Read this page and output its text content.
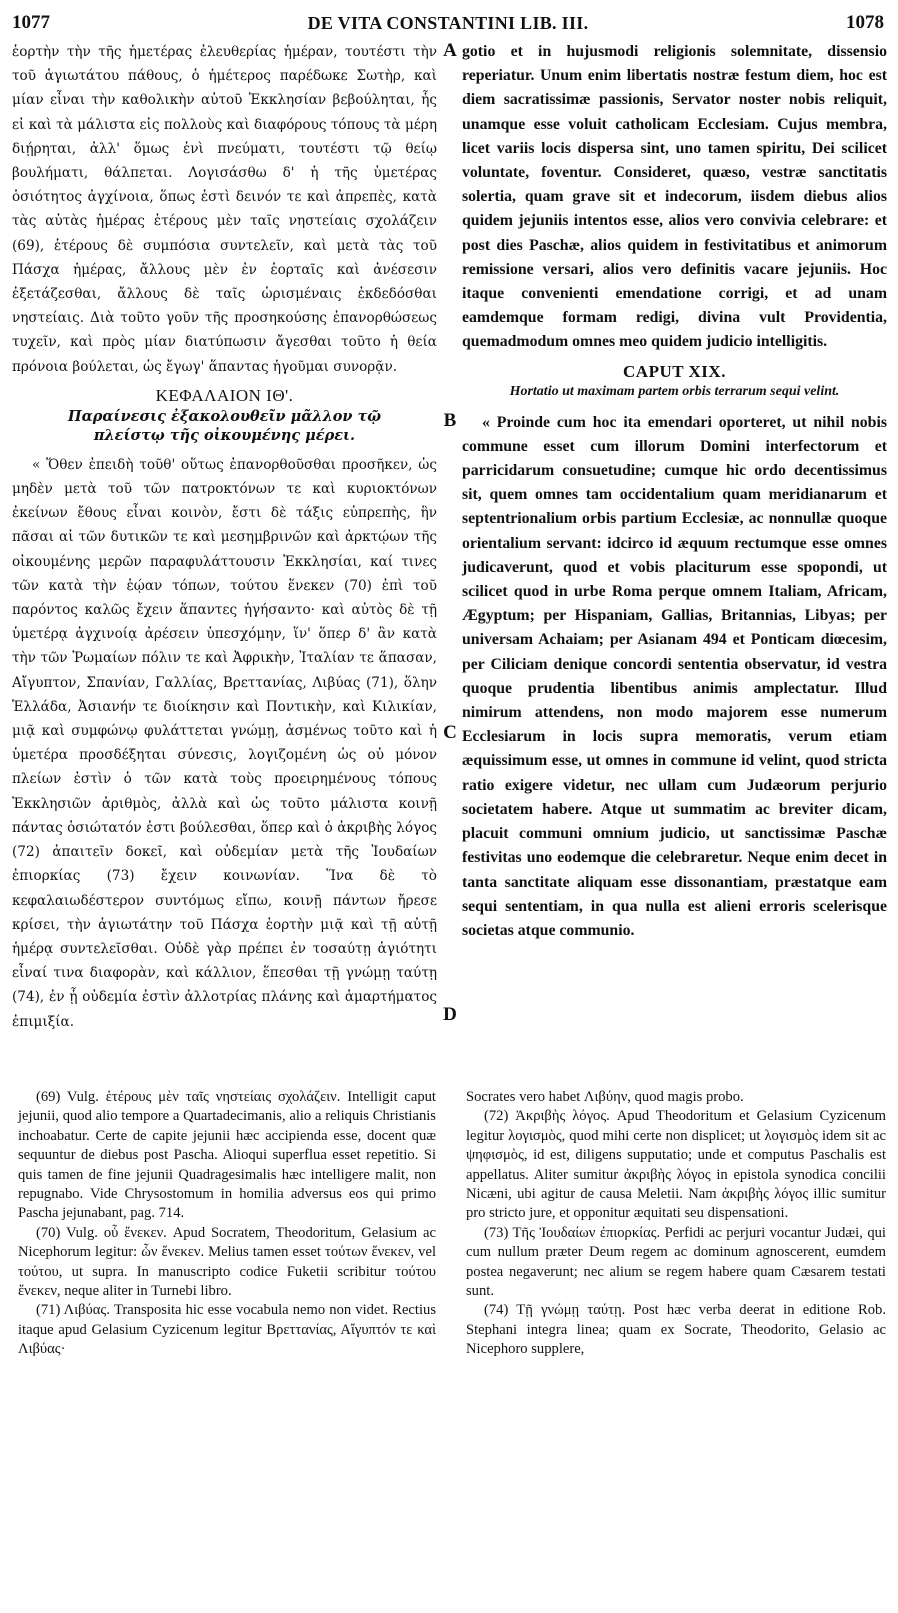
1077	DE VITA CONSTANTINI LIB. III.	1078

ἑορτὴν τὴν τῆς ἡμετέρας ἐλευθερίας ἡμέραν, τουτέστι τὴν τοῦ ἁγιωτάτου πάθους, ὁ ἡμέτερος παρέδωκε Σωτὴρ, καὶ μίαν εἶναι τὴν καθολικὴν αὐτοῦ Ἐκκλησίαν βεβούληται, ἧς εἰ καὶ τὰ μάλιστα εἰς πολλοὺς καὶ διαφόρους τόπους τὰ μέρη διῄρηται, ἀλλ' ὅμως ἑνὶ πνεύματι, τουτέστι τῷ θείῳ βουλήματι, θάλπεται. Λογισάσθω δ' ἡ τῆς ὑμετέρας ὁσιότητος ἀγχίνοια, ὅπως ἐστὶ δεινόν τε καὶ ἀπρεπὲς, κατὰ τὰς αὐτὰς ἡμέρας ἑτέρους μὲν ταῖς νηστείαις σχολάζειν (69), ἑτέρους δὲ συμπόσια συντελεῖν, καὶ μετὰ τὰς τοῦ Πάσχα ἡμέρας, ἄλλους μὲν ἐν ἑορταῖς καὶ ἀνέσεσιν ἐξετάζεσθαι, ἄλλους δὲ ταῖς ὡρισμέναις ἐκδεδόσθαι νηστείαις. Διὰ τοῦτο γοῦν τῆς προσηκούσης ἐπανορθώσεως τυχεῖν, καὶ πρὸς μίαν διατύπωσιν ἄγεσθαι τοῦτο ἡ θεία πρόνοια βούλεται, ὡς ἔγωγ' ἅπαντας ἡγοῦμαι συνορᾷν.

ΚΕΦΑΛΑΙΟΝ ΙΘ'.
Παραίνεσις ἐξακολουθεῖν μᾶλλον τῷ πλείστῳ τῆς οἰκουμένης μέρει.

« Ὅθεν ἐπειδὴ τοῦθ' οὕτως ἐπανορθοῦσθαι προσῆκεν, ὡς μηδὲν μετὰ τοῦ τῶν πατροκτόνων τε καὶ κυριοκτόνων ἐκείνων ἔθους εἶναι κοινὸν, ἔστι δὲ τάξις εὐπρεπὴς, ἣν πᾶσαι αἱ τῶν δυτικῶν τε καὶ μεσημβρινῶν καὶ ἀρκτῴων τῆς οἰκουμένης μερῶν παραφυλάττουσιν Ἐκκλησίαι, καί τινες τῶν κατὰ τὴν ἑῴαν τόπων, τούτου ἕνεκεν (70) ἐπὶ τοῦ παρόντος καλῶς ἔχειν ἅπαντες ἡγήσαντο· καὶ αὐτὸς δὲ τῇ ὑμετέρᾳ ἀγχινοίᾳ ἀρέσειν ὑπεσχόμην, ἵν' ὅπερ δ' ἂν κατὰ τὴν τῶν Ῥωμαίων πόλιν τε καὶ Ἀφρικὴν, Ἰταλίαν τε ἅπασαν, Αἴγυπτον, Σπανίαν, Γαλλίας, Βρεττανίας, Λιβύας (71), ὅλην Ἑλλάδα, Ἀσιανήν τε διοίκησιν καὶ Ποντικὴν, καὶ Κιλικίαν, μιᾷ καὶ συμφώνῳ φυλάττεται γνώμῃ, ἀσμένως τοῦτο καὶ ἡ ὑμετέρα προσδέξηται σύνεσις, λογιζομένη ὡς οὐ μόνον πλείων ἐστὶν ὁ τῶν κατὰ τοὺς προειρημένους τόπους Ἐκκλησιῶν ἀριθμὸς, ἀλλὰ καὶ ὡς τοῦτο μάλιστα κοινῇ πάντας ὁσιώτατόν ἐστι βούλεσθαι, ὅπερ καὶ ὁ ἀκριβὴς λόγος (72) ἀπαιτεῖν δοκεῖ, καὶ οὐδεμίαν μετὰ τῆς Ἰουδαίων ἐπιορκίας (73) ἔχειν κοινωνίαν. Ἵνα δὲ τὸ κεφαλαιωδέστερον συντόμως εἴπω, κοινῇ πάντων ἤρεσε κρίσει, τὴν ἁγιωτάτην τοῦ Πάσχα ἑορτὴν μιᾷ καὶ τῇ αὐτῇ ἡμέρᾳ συντελεῖσθαι. Οὐδὲ γὰρ πρέπει ἐν τοσαύτῃ ἁγιότητι εἶναί τινα διαφορὰν, καὶ κάλλιον, ἕπεσθαι τῇ γνώμῃ ταύτῃ (74), ἐν ᾗ οὐδεμία ἐστὶν ἀλλοτρίας πλάνης καὶ ἁμαρτήματος ἐπιμιξία.

A
B
C
D

gotio et in hujusmodi religionis solemnitate, dissensio reperiatur. Unum enim libertatis nostræ festum diem, hoc est diem sacratissimæ passionis, Servator noster nobis reliquit, unamque esse voluit catholicam Ecclesiam. Cujus membra, licet variis locis dispersa sint, uno tamen spiritu, Dei scilicet voluntate, foventur. Consideret, quæso, vestræ sanctitatis solertia, quam grave sit et indecorum, iisdem diebus alios quidem jejuniis intentos esse, alios vero convivia celebrare: et post dies Paschæ, alios quidem in festivitatibus et animorum remissione versari, alios vero definitis vacare jejuniis. Hoc itaque convenienti emendatione corrigi, et ad unam eamdemque formam redigi, divina vult Providentia, quemadmodum omnes meo quidem judicio intelligitis.

CAPUT XIX.
Hortatio ut maximam partem orbis terrarum sequi velint.

« Proinde cum hoc ita emendari oporteret, ut nihil nobis commune esset cum illorum Domini interfectorum et parricidarum consuetudine; cumque hic ordo decentissimus sit, quem omnes tam occidentalium quam meridianarum et septentrionalium orbis partium Ecclesiæ, ac nonnullæ quoque orientalium servant: idcirco id æquum rectumque esse omnes judicaverunt, quod et vobis placiturum esse spopondi, ut scilicet quod in urbe Roma perque omnem Italiam, Africam, Ægyptum; per Hispaniam, Gallias, Britannias, Libyas; per universam Achaiam; per Asianam 494 et Ponticam diœcesim, per Ciliciam denique concordi sententia observatur, id vestra quoque prudentia libentibus animis amplectatur. Illud nimirum attendens, non modo majorem esse numerum Ecclesiarum in locis supra memoratis, verum etiam æquissimum esse, ut omnes in commune id velint, quod stricta ratio exigere videtur, nec ullam cum Judæorum perjurio societatem habere. Atque ut summatim ac breviter dicam, placuit communi omnium judicio, ut sanctissimæ Paschæ festivitas uno eodemque die celebraretur. Neque enim decet in tanta sanctitate aliquam esse dissonantiam, præstatque eam sequi sententiam, in qua nulla est alieni erroris scelerisque societas atque communio.

(69) Vulg. ἑτέρους μὲν ταῖς νηστείαις σχολάζειν. Intelligit caput jejunii, quod alio tempore a Quartadecimanis, alio a reliquis Christianis inchoabatur. Certe de capite jejunii hæc accipienda esse, docent quæ sequuntur de diebus post Pascha. Alioqui superflua esset repetitio. Si quis tamen de fine jejunii Quadragesimalis hæc intelligere malit, non repugnabo. Vide Chrysostomum in homilia adversus eos qui primo Pascha jejunabant, pag. 714.

(70) Vulg. οὗ ἕνεκεν. Apud Socratem, Theodoritum, Gelasium ac Nicephorum legitur: ὧν ἕνεκεν. Melius tamen esset τούτων ἕνεκεν, vel τούτου, ut supra. In manuscripto codice Fuketii scribitur τούτου ἕνεκεν, neque aliter in Turnebi libro.

(71) Λιβύας. Transposita hic esse vocabula nemo non videt. Rectius itaque apud Gelasium Cyzicenum legitur Βρεττανίας, Αἴγυπτόν τε καὶ Λιβύας·

Socrates vero habet Λιβύην, quod magis probo.

(72) Ἀκριβὴς λόγος. Apud Theodoritum et Gelasium Cyzicenum legitur λογισμὸς, quod mihi certe non displicet; ut λογισμὸς idem sit ac ψηφισμὸς, id est, diligens supputatio; unde et computus Paschalis est appellatus. Aliter sumitur ἀκριβὴς λόγος in epistola synodica concilii Nicæni, ubi agitur de causa Meletii. Nam ἀκριβὴς λόγος illic sumitur pro stricto jure, et opponitur æquitati seu dispensationi.

(73) Τῆς Ἰουδαίων ἐπιορκίας. Perfidi ac perjuri vocantur Judæi, qui cum nullum præter Deum regem ac dominum agnoscerent, eumdem postea negaverunt; nec alium se regem habere quam Cæsarem testati sunt.

(74) Τῇ γνώμῃ ταύτῃ. Post hæc verba deerat in editione Rob. Stephani integra linea; quam ex Socrate, Theodorito, Gelasio ac Nicephoro supplere,
